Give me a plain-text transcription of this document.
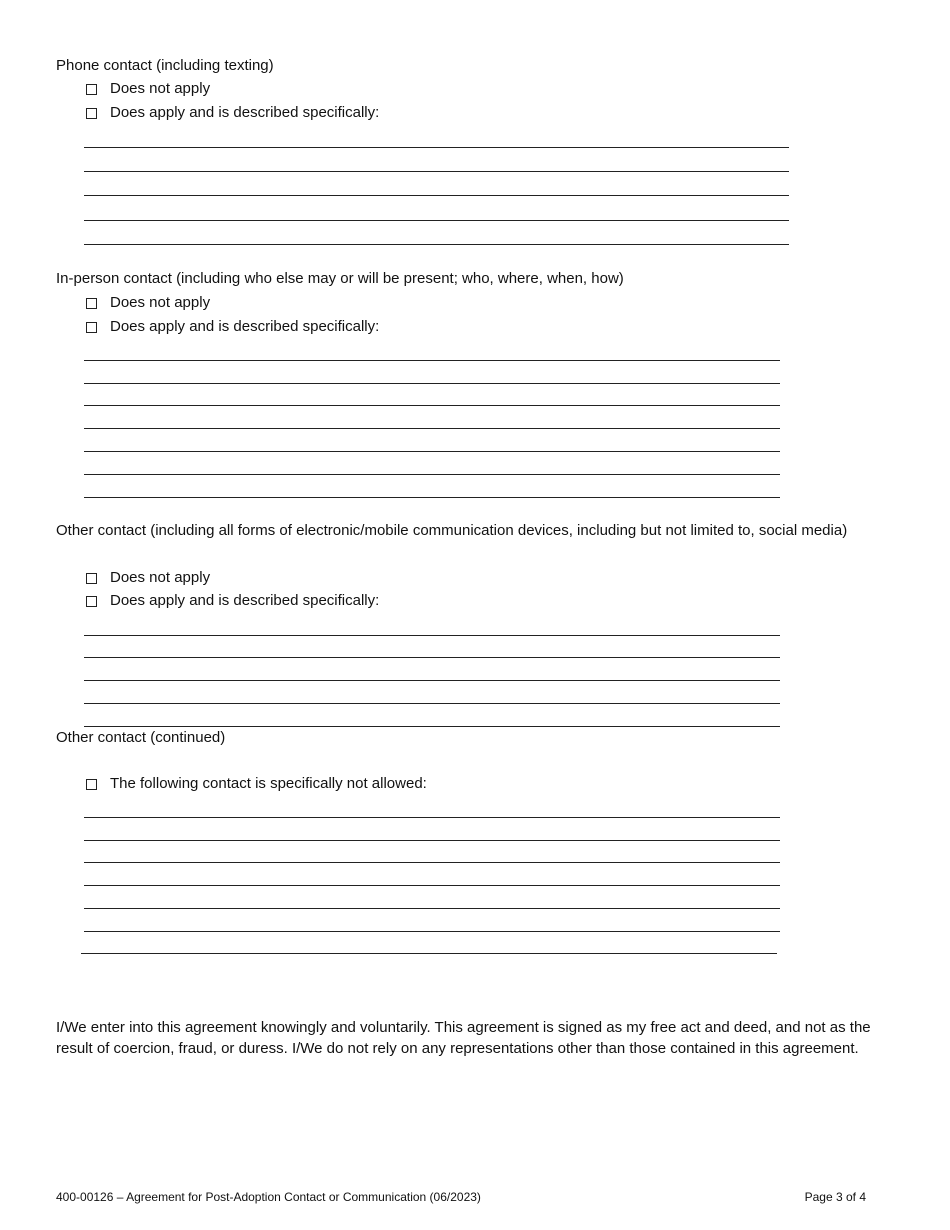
Phone contact (including texting)
Does not apply
Does apply and is described specifically:
In-person contact (including who else may or will be present; who, where, when, how)
Does not apply
Does apply and is described specifically:
Other contact (including all forms of electronic/mobile communication devices, including but not limited to, social media)
Does not apply
Does apply and is described specifically:
Other contact (continued)
The following contact is specifically not allowed:
I/We enter into this agreement knowingly and voluntarily. This agreement is signed as my free act and deed, and not as the result of coercion, fraud, or duress. I/We do not rely on any representations other than those contained in this agreement.
400-00126 – Agreement for Post-Adoption Contact or Communication (06/2023)	Page 3 of 4
